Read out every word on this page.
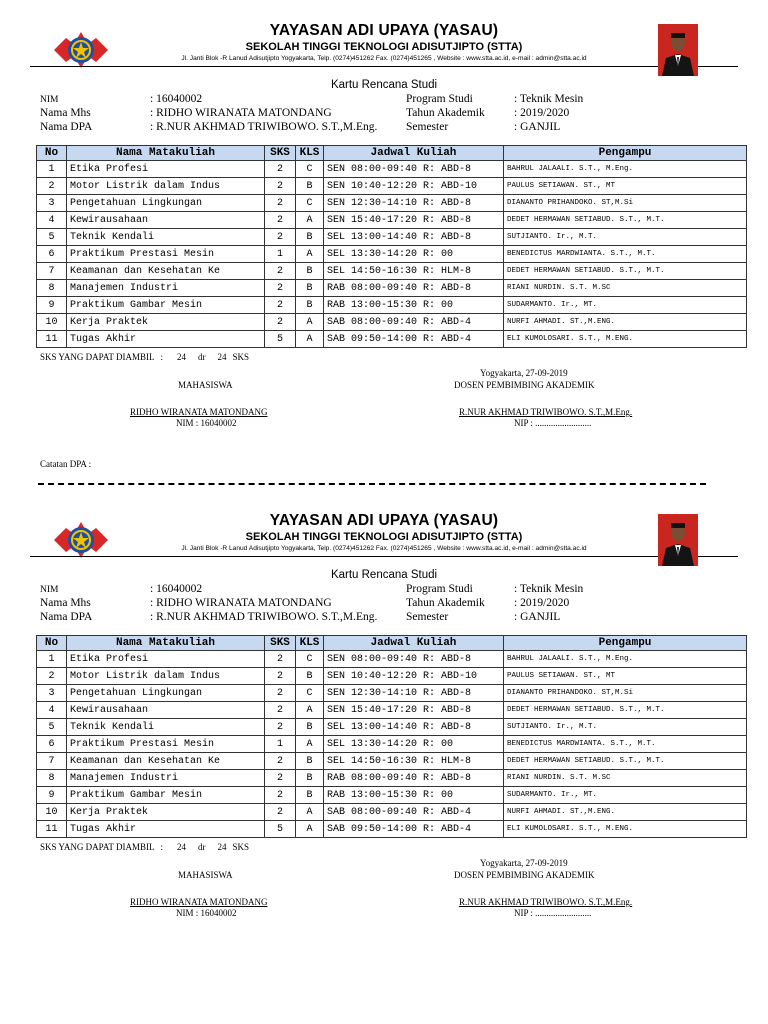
YAYASAN ADI UPAYA (YASAU)
SEKOLAH TINGGI TEKNOLOGI ADISUTJIPTO (STTA)
Jl. Janti Blok -R Lanud Adisutjipto Yogyakarta, Telp. (0274)451262 Fax. (0274)451265 , Website : www.stta.ac.id, e-mail : admin@stta.ac.id
Kartu Rencana Studi
NIM	: 16040002
Nama Mhs	: RIDHO WIRANATA MATONDANG
Nama DPA	: R.NUR AKHMAD TRIWIBOWO. S.T.,M.Eng.
Program Studi	: Teknik Mesin
Tahun Akademik	: 2019/2020
Semester	: GANJIL
No	Nama Matakuliah	SKS	KLS	Jadwal Kuliah	Pengampu
1	Etika Profesi	2	C	SEN 08:00-09:40 R: ABD-8	BAHRUL JALAALI. S.T., M.Eng.
2	Motor Listrik dalam Indus	2	B	SEN 10:40-12:20 R: ABD-10	PAULUS SETIAWAN. ST., MT
3	Pengetahuan Lingkungan	2	C	SEN 12:30-14:10 R: ABD-8	DIANANTO PRIHANDOKO. ST,M.Si
4	Kewirausahaan	2	A	SEN 15:40-17:20 R: ABD-8	DEDET HERMAWAN SETIABUD. S.T., M.T.
5	Teknik Kendali	2	B	SEL 13:00-14:40 R: ABD-8	SUTJIANTO. Ir., M.T.
6	Praktikum Prestasi Mesin	1	A	SEL 13:30-14:20 R: 00	BENEDICTUS MARDWIANTA. S.T., M.T.
7	Keamanan dan Kesehatan Ke	2	B	SEL 14:50-16:30 R: HLM-8	DEDET HERMAWAN SETIABUD. S.T., M.T.
8	Manajemen Industri	2	B	RAB 08:00-09:40 R: ABD-8	RIANI NURDIN. S.T. M.SC
9	Praktikum Gambar Mesin	2	B	RAB 13:00-15:30 R: 00	SUDARMANTO. Ir., MT.
10	Kerja Praktek	2	A	SAB 08:00-09:40 R: ABD-4	NURFI AHMADI. ST.,M.ENG.
11	Tugas Akhir	5	A	SAB 09:50-14:00 R: ABD-4	ELI KUMOLOSARI. S.T., M.ENG.
SKS YANG DAPAT DIAMBIL : 24 dr 24 SKS
Yogyakarta, 27-09-2019
MAHASISWA	DOSEN PEMBIMBING AKADEMIK
RIDHO WIRANATA MATONDANG
NIM : 16040002
R.NUR AKHMAD TRIWIBOWO. S.T.,M.Eng.
NIP : .........................
Catatan DPA :
YAYASAN ADI UPAYA (YASAU)
SEKOLAH TINGGI TEKNOLOGI ADISUTJIPTO (STTA)
Jl. Janti Blok -R Lanud Adisutjipto Yogyakarta, Telp. (0274)451262 Fax. (0274)451265 , Website : www.stta.ac.id, e-mail : admin@stta.ac.id
Kartu Rencana Studi
NIM	: 16040002
Nama Mhs	: RIDHO WIRANATA MATONDANG
Nama DPA	: R.NUR AKHMAD TRIWIBOWO. S.T.,M.Eng.
Program Studi	: Teknik Mesin
Tahun Akademik	: 2019/2020
Semester	: GANJIL
No	Nama Matakuliah	SKS	KLS	Jadwal Kuliah	Pengampu
1	Etika Profesi	2	C	SEN 08:00-09:40 R: ABD-8	BAHRUL JALAALI. S.T., M.Eng.
2	Motor Listrik dalam Indus	2	B	SEN 10:40-12:20 R: ABD-10	PAULUS SETIAWAN. ST., MT
3	Pengetahuan Lingkungan	2	C	SEN 12:30-14:10 R: ABD-8	DIANANTO PRIHANDOKO. ST,M.Si
4	Kewirausahaan	2	A	SEN 15:40-17:20 R: ABD-8	DEDET HERMAWAN SETIABUD. S.T., M.T.
5	Teknik Kendali	2	B	SEL 13:00-14:40 R: ABD-8	SUTJIANTO. Ir., M.T.
6	Praktikum Prestasi Mesin	1	A	SEL 13:30-14:20 R: 00	BENEDICTUS MARDWIANTA. S.T., M.T.
7	Keamanan dan Kesehatan Ke	2	B	SEL 14:50-16:30 R: HLM-8	DEDET HERMAWAN SETIABUD. S.T., M.T.
8	Manajemen Industri	2	B	RAB 08:00-09:40 R: ABD-8	RIANI NURDIN. S.T. M.SC
9	Praktikum Gambar Mesin	2	B	RAB 13:00-15:30 R: 00	SUDARMANTO. Ir., MT.
10	Kerja Praktek	2	A	SAB 08:00-09:40 R: ABD-4	NURFI AHMADI. ST.,M.ENG.
11	Tugas Akhir	5	A	SAB 09:50-14:00 R: ABD-4	ELI KUMOLOSARI. S.T., M.ENG.
SKS YANG DAPAT DIAMBIL : 24 dr 24 SKS
Yogyakarta, 27-09-2019
MAHASISWA	DOSEN PEMBIMBING AKADEMIK
RIDHO WIRANATA MATONDANG
NIM : 16040002
R.NUR AKHMAD TRIWIBOWO. S.T.,M.Eng.
NIP : .........................
